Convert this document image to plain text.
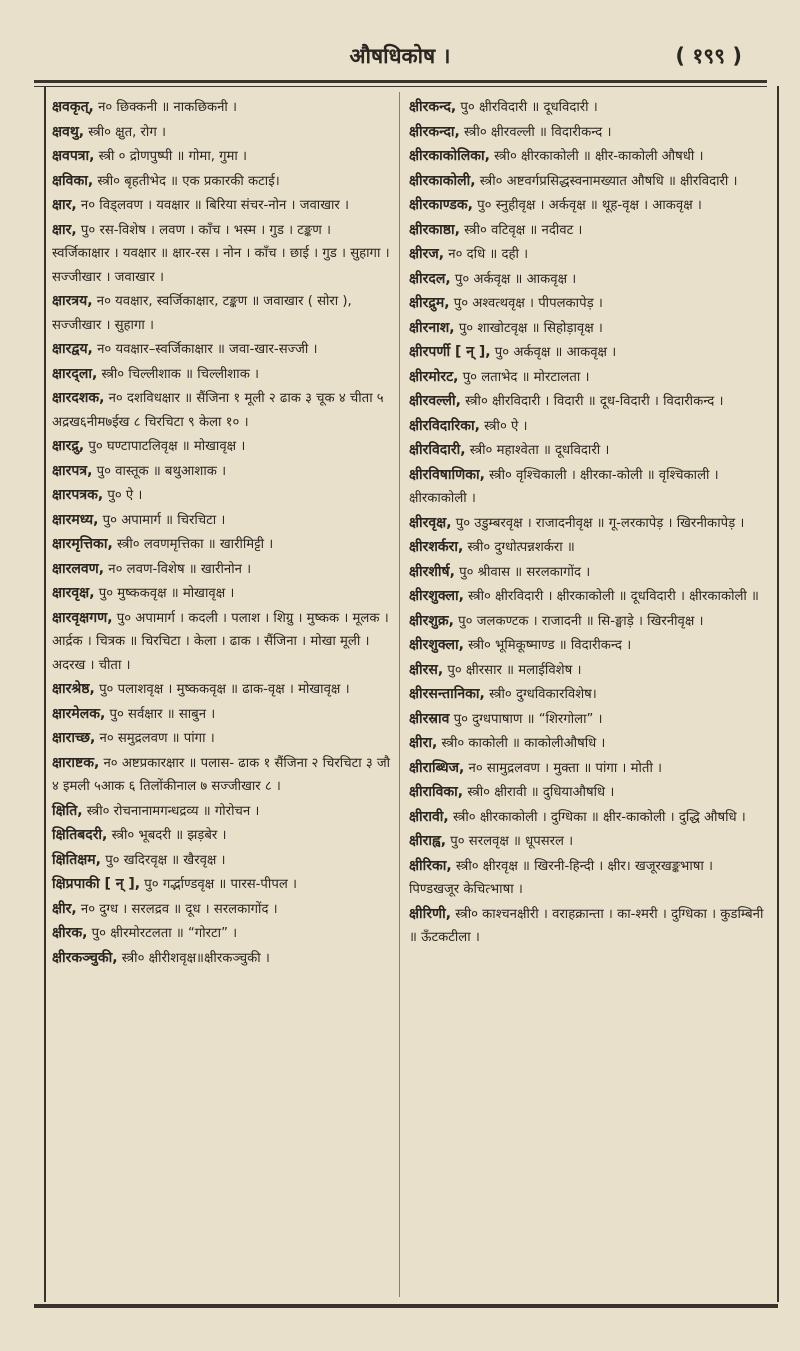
औषधिकोष ।	( १९९ )
क्षवकृत्, न० छिक्कनी ॥ नाकछिकनी ।
क्षवथु, स्त्री० क्षुत, रोग ।
क्षवपत्रा, स्त्री ० द्रोणपुष्पी ॥ गोमा, गुमा ।
क्षविका, स्त्री० बृहतीभेद ॥ एक प्रकारकी कटाई।
क्षार, न० विड्लवण । यवक्षार ॥ बिरिया संचर-नोन । जवाखार ।
क्षार, पु० रस-विशेष । लवण । काँच । भस्म । गुड । टङ्कण । स्वर्जिकाक्षार । यवक्षार ॥ क्षार-रस । नोन । काँच । छाई । गुड । सुहागा । सज्जीखार । जवाखार ।
क्षारत्रय, न० यवक्षार, स्वर्जिकाक्षार, टङ्कण ॥ जवाखार ( सोरा ), सज्जीखार । सुहागा ।
क्षारद्वय, न० यवक्षार–स्वर्जिकाक्षार ॥ जवा-खार-सज्जी ।
क्षारद्ला, स्त्री० चिल्लीशाक ॥ चिल्लीशाक ।
क्षारदशक, न० दशविधक्षार ॥ सैंजिना १ मूली २ ढाक ३ चूक ४ चीता ५ अद्रख६नीम७ईख ८ चिरचिटा ९ केला १० ।
क्षारद्रु, पु० घण्टापाटलिवृक्ष ॥ मोखावृक्ष ।
क्षारपत्र, पु० वास्तूक ॥ बथुआशाक ।
क्षारपत्रक, पु० ऐ ।
क्षारमध्य, पु० अपामार्ग ॥ चिरचिटा ।
क्षारमृत्तिका, स्त्री० लवणमृत्तिका ॥ खारीमिट्टी ।
क्षारलवण, न० लवण-विशेष ॥ खारीनोन ।
क्षारवृक्ष, पु० मुष्ककवृक्ष ॥ मोखावृक्ष ।
क्षारवृक्षगण, पु० अपामार्ग । कदली । पलाश । शिग्रु । मुष्कक । मूलक । आर्द्रक । चित्रक ॥ चिरचिटा । केला । ढाक । सैंजिना । मोखा मूली । अदरख । चीता ।
क्षारश्रेष्ठ, पु० पलाशवृक्ष । मुष्ककवृक्ष ॥ ढाक-वृक्ष । मोखावृक्ष ।
क्षारमेलक, पु० सर्वक्षार ॥ साबुन ।
क्षाराच्छ, न० समुद्रलवण ॥ पांगा ।
क्षाराष्टक, न० अष्टप्रकारक्षार ॥ पलास- ढाक १ सैंजिना २ चिरचिटा ३ जौ ४ इमली ५आक ६ तिलोंकीनाल ७ सज्जीखार ८ ।
क्षिति, स्त्री० रोचनानामगन्धद्रव्य ॥ गोरोचन ।
क्षितिबदरी, स्त्री० भूबदरी ॥ झड़बेर ।
क्षितिक्षम, पु० खदिरवृक्ष ॥ खैरवृक्ष ।
क्षिप्रपाकी [ न् ], पु० गर्द्भाण्डवृक्ष ॥ पारस-पीपल ।
क्षीर, न० दुग्ध । सरलद्रव ॥ दूध । सरलकागोंद ।
क्षीरक, पु० क्षीरमोरटलता ॥ “गोरटा” ।
क्षीरकञ्चुकी, स्त्री० क्षीरीशवृक्ष॥क्षीरकञ्चुकी ।
क्षीरकन्द, पु० क्षीरविदारी ॥ दूधविदारी ।
क्षीरकन्दा, स्त्री० क्षीरवल्ली ॥ विदारीकन्द ।
क्षीरकाकोलिका, स्त्री० क्षीरकाकोली ॥ क्षीर-काकोली औषधी ।
क्षीरकाकोली, स्त्री० अष्टवर्गप्रसिद्धस्वनामख्यात औषधि ॥ क्षीरविदारी ।
क्षीरकाण्डक, पु० स्नुहीवृक्ष । अर्कवृक्ष ॥ थूह-वृक्ष । आकवृक्ष ।
क्षीरकाष्ठा, स्त्री० वटिवृक्ष ॥ नदीवट ।
क्षीरज, न० दधि ॥ दही ।
क्षीरदल, पु० अर्कवृक्ष ॥ आकवृक्ष ।
क्षीरद्रुम, पु० अश्वत्थवृक्ष । पीपलकापेड़ ।
क्षीरनाश, पु० शाखोटवृक्ष ॥ सिहोड़ावृक्ष ।
क्षीरपर्णी [ न् ], पु० अर्कवृक्ष ॥ आकवृक्ष ।
क्षीरमोरट, पु० लताभेद ॥ मोरटालता ।
क्षीरवल्ली, स्त्री० क्षीरविदारी । विदारी ॥ दूध-विदारी । विदारीकन्द ।
क्षीरविदारिका, स्त्री० ऐ ।
क्षीरविदारी, स्त्री० महाश्वेता ॥ दूधविदारी ।
क्षीरविषाणिका, स्त्री० वृश्चिकाली । क्षीरका-कोली ॥ वृश्चिकाली । क्षीरकाकोली ।
क्षीरवृक्ष, पु० उडुम्बरवृक्ष । राजादनीवृक्ष ॥ गू-लरकापेड़ । खिरनीकापेड़ ।
क्षीरशर्करा, स्त्री० दुग्धोत्पन्नशर्करा ॥
क्षीरशीर्ष, पु० श्रीवास ॥ सरलकागोंद ।
क्षीरशुक्ला, स्त्री० क्षीरविदारी । क्षीरकाकोली ॥ दूधविदारी । क्षीरकाकोली ॥
क्षीरशुक्र, पु० जलकण्टक । राजादनी ॥ सि-ङ्घाड़े । खिरनीवृक्ष ।
क्षीरशुक्ला, स्त्री० भूमिकूष्माण्ड ॥ विदारीकन्द ।
क्षीरस, पु० क्षीरसार ॥ मलाईविशेष ।
क्षीरसन्तानिका, स्त्री० दुग्धविकारविशेष।
क्षीरस्राव पु० दुग्धपाषाण ॥ “शिरगोला” ।
क्षीरा, स्त्री० काकोली ॥ काकोलीऔषधि ।
क्षीराब्धिज, न० सामुद्रलवण । मुक्ता ॥ पांगा । मोती ।
क्षीराविका, स्त्री० क्षीरावी ॥ दुधियाऔषधि ।
क्षीरावी, स्त्री० क्षीरकाकोली । दुग्धिका ॥ क्षीर-काकोली । दुद्धि औषधि ।
क्षीराह्व, पु० सरलवृक्ष ॥ धूपसरल ।
क्षीरिका, स्त्री० क्षीरवृक्ष ॥ खिरनी-हिन्दी । क्षीर। खजूरखङ्कभाषा । पिण्डखजूर केचित्भाषा ।
क्षीरिणी, स्त्री० काश्चनक्षीरी । वराहक्रान्ता । का-श्मरी । दुग्धिका । कुडम्बिनी ॥ ऊँटकटीला ।
